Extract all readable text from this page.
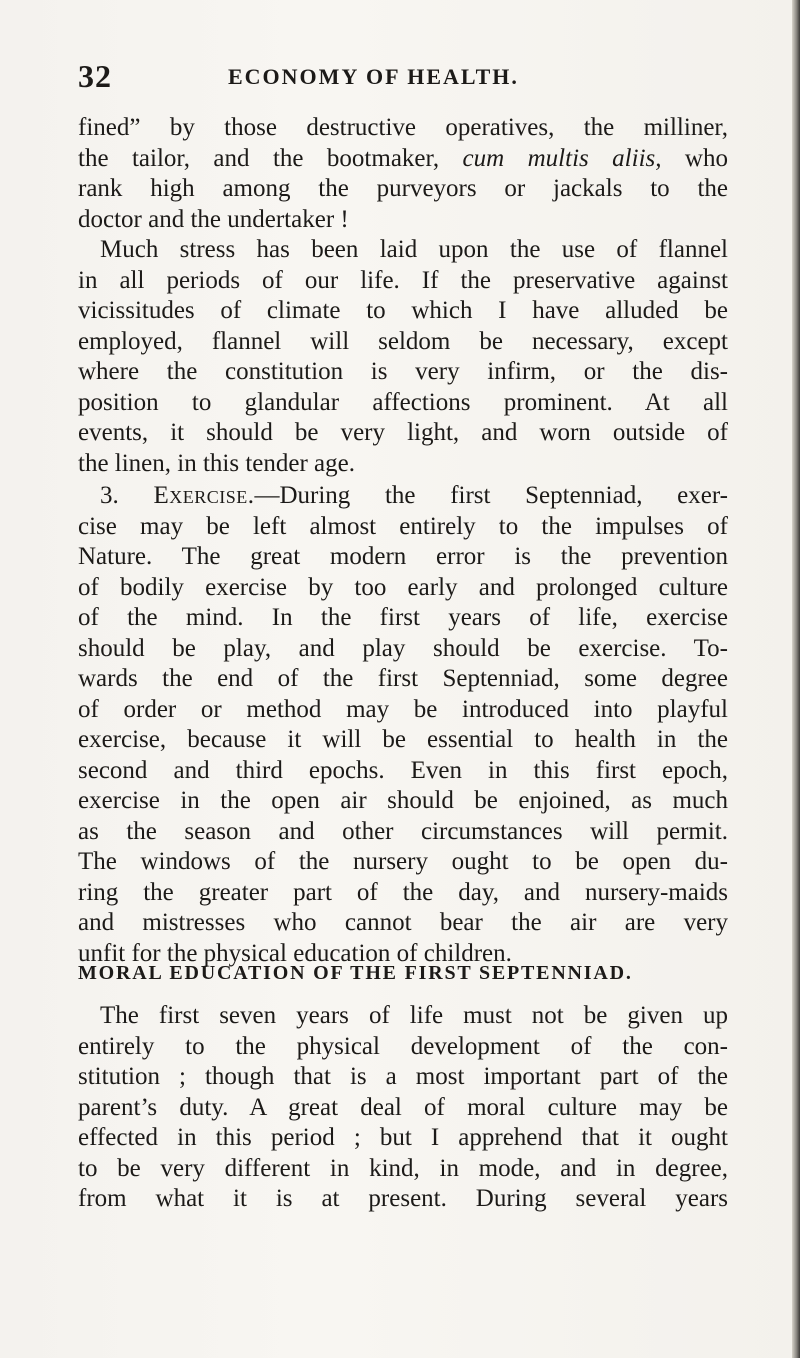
32	ECONOMY OF HEALTH.
fined” by those destructive operatives, the milliner,
the tailor, and the bootmaker, cum multis aliis, who
rank high among the purveyors or jackals to the
doctor and the undertaker !
Much stress has been laid upon the use of flannel
in all periods of our life. If the preservative against
vicissitudes of climate to which I have alluded be
employed, flannel will seldom be necessary, except
where the constitution is very infirm, or the dis-
position to glandular affections prominent. At all
events, it should be very light, and worn outside of
the linen, in this tender age.
3. Exercise.—During the first Septenniad, exer-
cise may be left almost entirely to the impulses of
Nature. The great modern error is the prevention
of bodily exercise by too early and prolonged culture
of the mind. In the first years of life, exercise
should be play, and play should be exercise. To-
wards the end of the first Septenniad, some degree
of order or method may be introduced into playful
exercise, because it will be essential to health in the
second and third epochs. Even in this first epoch,
exercise in the open air should be enjoined, as much
as the season and other circumstances will permit.
The windows of the nursery ought to be open du-
ring the greater part of the day, and nursery-maids
and mistresses who cannot bear the air are very
unfit for the physical education of children.
MORAL EDUCATION OF THE FIRST SEPTENNIAD.
The first seven years of life must not be given up
entirely to the physical development of the con-
stitution ; though that is a most important part of the
parent’s duty. A great deal of moral culture may be
effected in this period ; but I apprehend that it ought
to be very different in kind, in mode, and in degree,
from what it is at present. During several years
